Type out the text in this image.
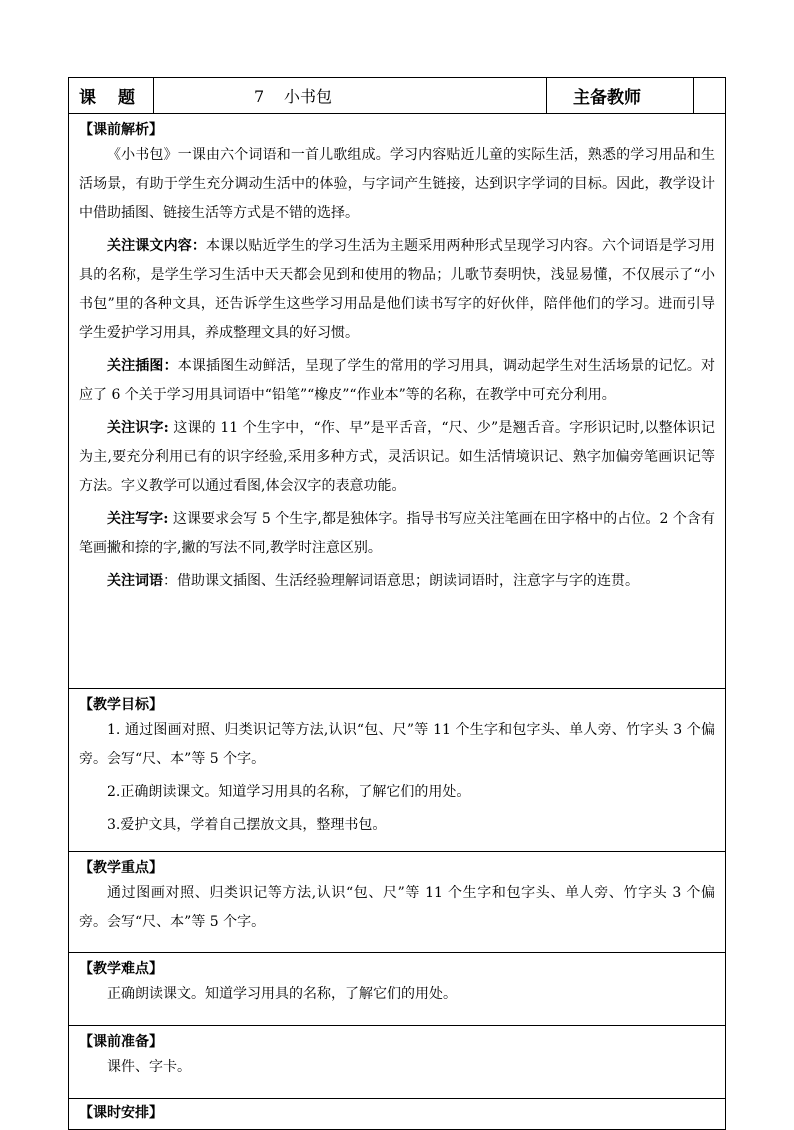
课 题	7 小书包	主备教师	

【课前解析】

《小书包》一课由六个词语和一首儿歌组成。学习内容贴近儿童的实际生活，熟悉的学习用品和生活场景，有助于学生充分调动生活中的体验，与字词产生链接，达到识字学词的目标。因此，教学设计中借助插图、链接生活等方式是不错的选择。

关注课文内容：本课以贴近学生的学习生活为主题采用两种形式呈现学习内容。六个词语是学习用具的名称，是学生学习生活中天天都会见到和使用的物品；儿歌节奏明快，浅显易懂，不仅展示了“小书包”里的各种文具，还告诉学生这些学习用品是他们读书写字的好伙伴，陪伴他们的学习。进而引导学生爱护学习用具，养成整理文具的好习惯。

关注插图：本课插图生动鲜活，呈现了学生的常用的学习用具，调动起学生对生活场景的记忆。对应了 6 个关于学习用具词语中“铅笔”“橡皮”“作业本”等的名称，在教学中可充分利用。

关注识字: 这课的 11 个生字中，“作、早”是平舌音，“尺、少”是翘舌音。字形识记时,以整体识记为主,要充分利用已有的识字经验,采用多种方式，灵活识记。如生活情境识记、熟字加偏旁笔画识记等方法。字义教学可以通过看图,体会汉字的表意功能。

关注写字: 这课要求会写 5 个生字,都是独体字。指导书写应关注笔画在田字格中的占位。2 个含有笔画撇和捺的字,撇的写法不同,教学时注意区别。

关注词语：借助课文插图、生活经验理解词语意思；朗读词语时，注意字与字的连贯。

【教学目标】

1. 通过图画对照、归类识记等方法,认识“包、尺”等 11 个生字和包字头、单人旁、竹字头 3 个偏旁。会写“尺、本”等 5 个字。

2.正确朗读课文。知道学习用具的名称，了解它们的用处。

3.爱护文具，学着自己摆放文具，整理书包。

【教学重点】

通过图画对照、归类识记等方法,认识“包、尺”等 11 个生字和包字头、单人旁、竹字头 3 个偏旁。会写“尺、本”等 5 个字。

【教学难点】

正确朗读课文。知道学习用具的名称，了解它们的用处。

【课前准备】

课件、字卡。

【课时安排】
